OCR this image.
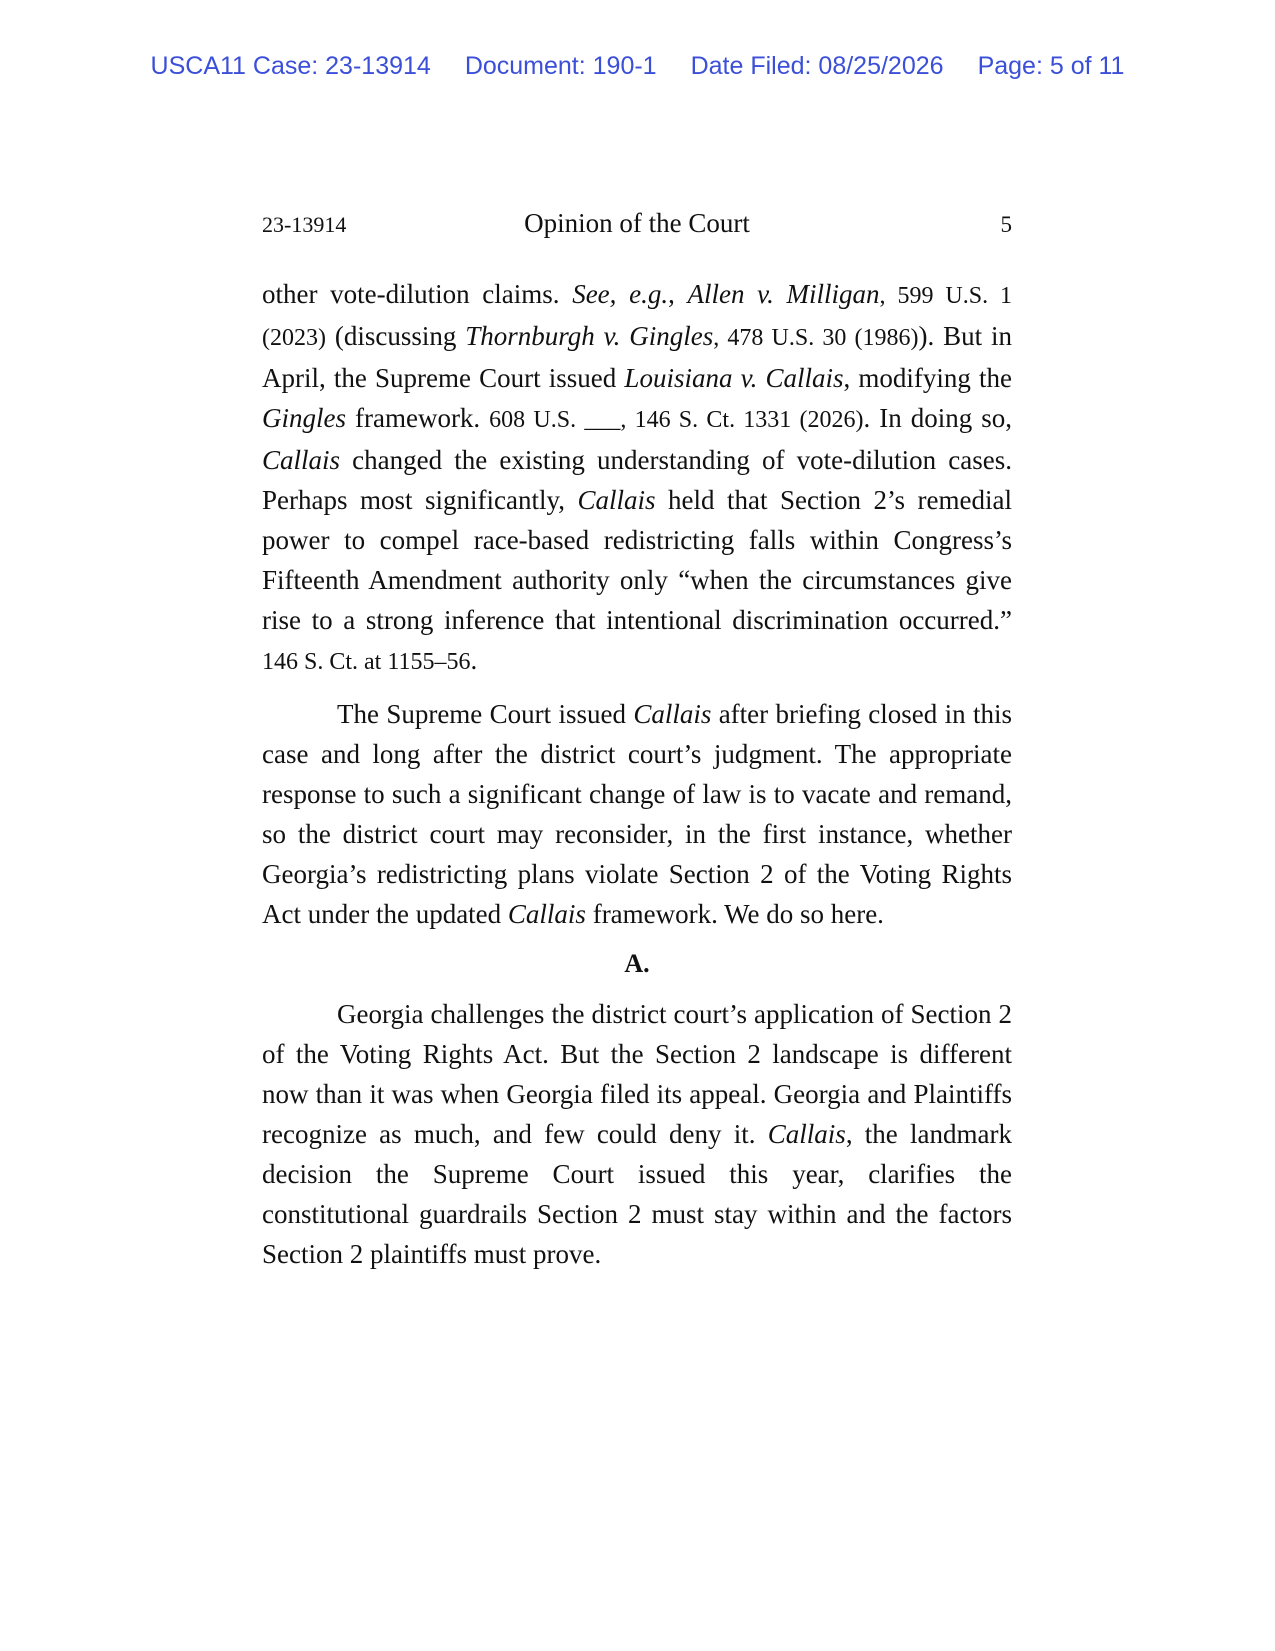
USCA11 Case: 23-13914 Document: 190-1 Date Filed: 08/25/2026 Page: 5 of 11
23-13914	Opinion of the Court	5

other vote-dilution claims. See, e.g., Allen v. Milligan, 599 U.S. 1 (2023) (discussing Thornburgh v. Gingles, 478 U.S. 30 (1986)). But in April, the Supreme Court issued Louisiana v. Callais, modifying the Gingles framework. 608 U.S. ___, 146 S. Ct. 1331 (2026). In doing so, Callais changed the existing understanding of vote-dilution cases. Perhaps most significantly, Callais held that Section 2’s remedial power to compel race-based redistricting falls within Congress’s Fifteenth Amendment authority only “when the circumstances give rise to a strong inference that intentional discrimination occurred.” 146 S. Ct. at 1155–56.

The Supreme Court issued Callais after briefing closed in this case and long after the district court’s judgment. The appropriate response to such a significant change of law is to vacate and remand, so the district court may reconsider, in the first instance, whether Georgia’s redistricting plans violate Section 2 of the Voting Rights Act under the updated Callais framework. We do so here.

A.

Georgia challenges the district court’s application of Section 2 of the Voting Rights Act. But the Section 2 landscape is different now than it was when Georgia filed its appeal. Georgia and Plaintiffs recognize as much, and few could deny it. Callais, the landmark decision the Supreme Court issued this year, clarifies the constitutional guardrails Section 2 must stay within and the factors Section 2 plaintiffs must prove.
